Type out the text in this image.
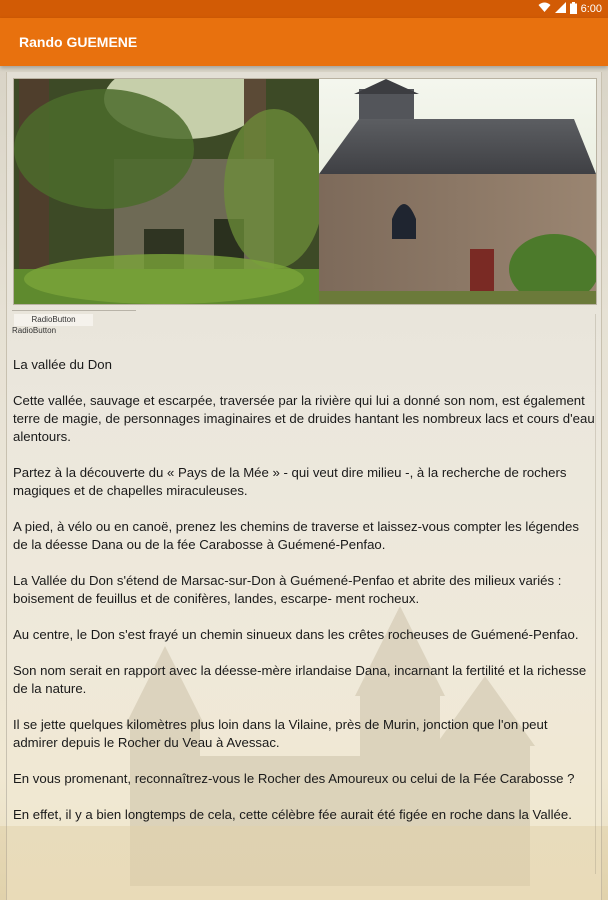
6:00
Rando GUEMENE
RadioButton
RadioButton

La vallée du Don

Cette vallée, sauvage et escarpée, traversée par la rivière qui lui a donné son nom, est également terre de magie, de personnages imaginaires et de druides hantant les nombreux lacs et cours d'eau alentours.

Partez à la découverte du « Pays de la Mée » - qui veut dire milieu -, à la recherche de rochers magiques et de chapelles miraculeuses.

A pied, à vélo ou en canoë, prenez les chemins de traverse et laissez-vous compter les légendes de la déesse Dana ou de la fée Carabosse à Guémené-Penfao.

La Vallée du Don s'étend de Marsac-sur-Don à Guémené-Penfao et abrite des milieux variés : boisement de feuillus et de conifères, landes, escarpe- ment rocheux.

Au centre, le Don s'est frayé un chemin sinueux dans les crêtes rocheuses de Guémené-Penfao.

Son nom serait en rapport avec la déesse-mère irlandaise Dana, incarnant la fertilité et la richesse de la nature.

Il se jette quelques kilomètres plus loin dans la Vilaine, près de Murin, jonction que l'on peut admirer depuis le Rocher du Veau à Avessac.

En vous promenant, reconnaîtrez-vous le Rocher des Amoureux ou celui de la Fée Carabosse ?

En effet, il y a bien longtemps de cela, cette célèbre fée aurait été figée en roche dans la Vallée.
